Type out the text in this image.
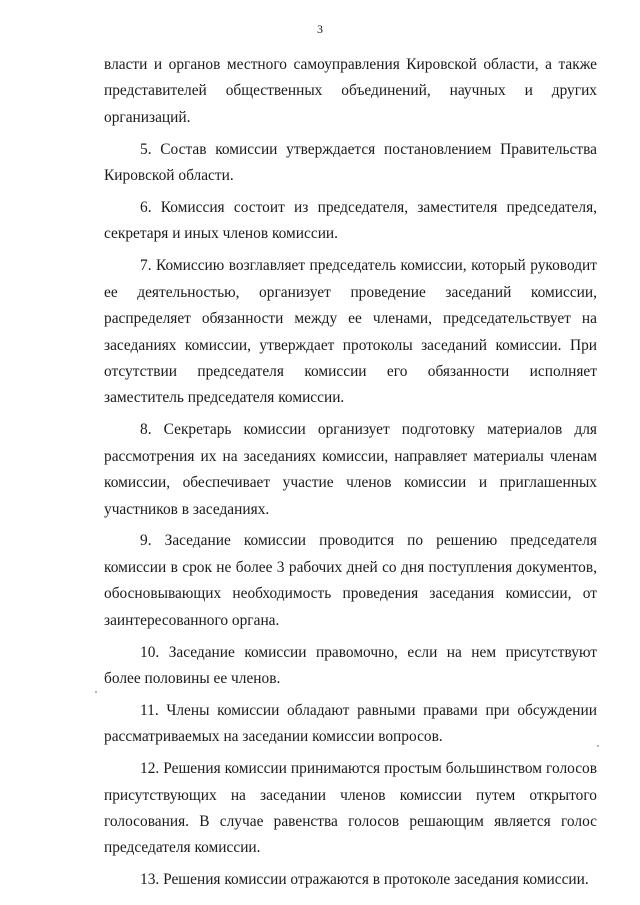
3

власти и органов местного самоуправления Кировской области, а также представителей общественных объединений, научных и других организаций.

5. Состав комиссии утверждается постановлением Правительства Кировской области.

6. Комиссия состоит из председателя, заместителя председателя, секретаря и иных членов комиссии.

7. Комиссию возглавляет председатель комиссии, который руководит ее деятельностью, организует проведение заседаний комиссии, распределяет обязанности между ее членами, председательствует на заседаниях комиссии, утверждает протоколы заседаний комиссии. При отсутствии председателя комиссии его обязанности исполняет заместитель председателя комиссии.

8. Секретарь комиссии организует подготовку материалов для рассмотрения их на заседаниях комиссии, направляет материалы членам комиссии, обеспечивает участие членов комиссии и приглашенных участников в заседаниях.

9. Заседание комиссии проводится по решению председателя комиссии в срок не более 3 рабочих дней со дня поступления документов, обосновывающих необходимость проведения заседания комиссии, от заинтересованного органа.

10. Заседание комиссии правомочно, если на нем присутствуют более половины ее членов.

11. Члены комиссии обладают равными правами при обсуждении рассматриваемых на заседании комиссии вопросов.

12. Решения комиссии принимаются простым большинством голосов присутствующих на заседании членов комиссии путем открытого голосования. В случае равенства голосов решающим является голос председателя комиссии.

13. Решения комиссии отражаются в протоколе заседания комиссии.
